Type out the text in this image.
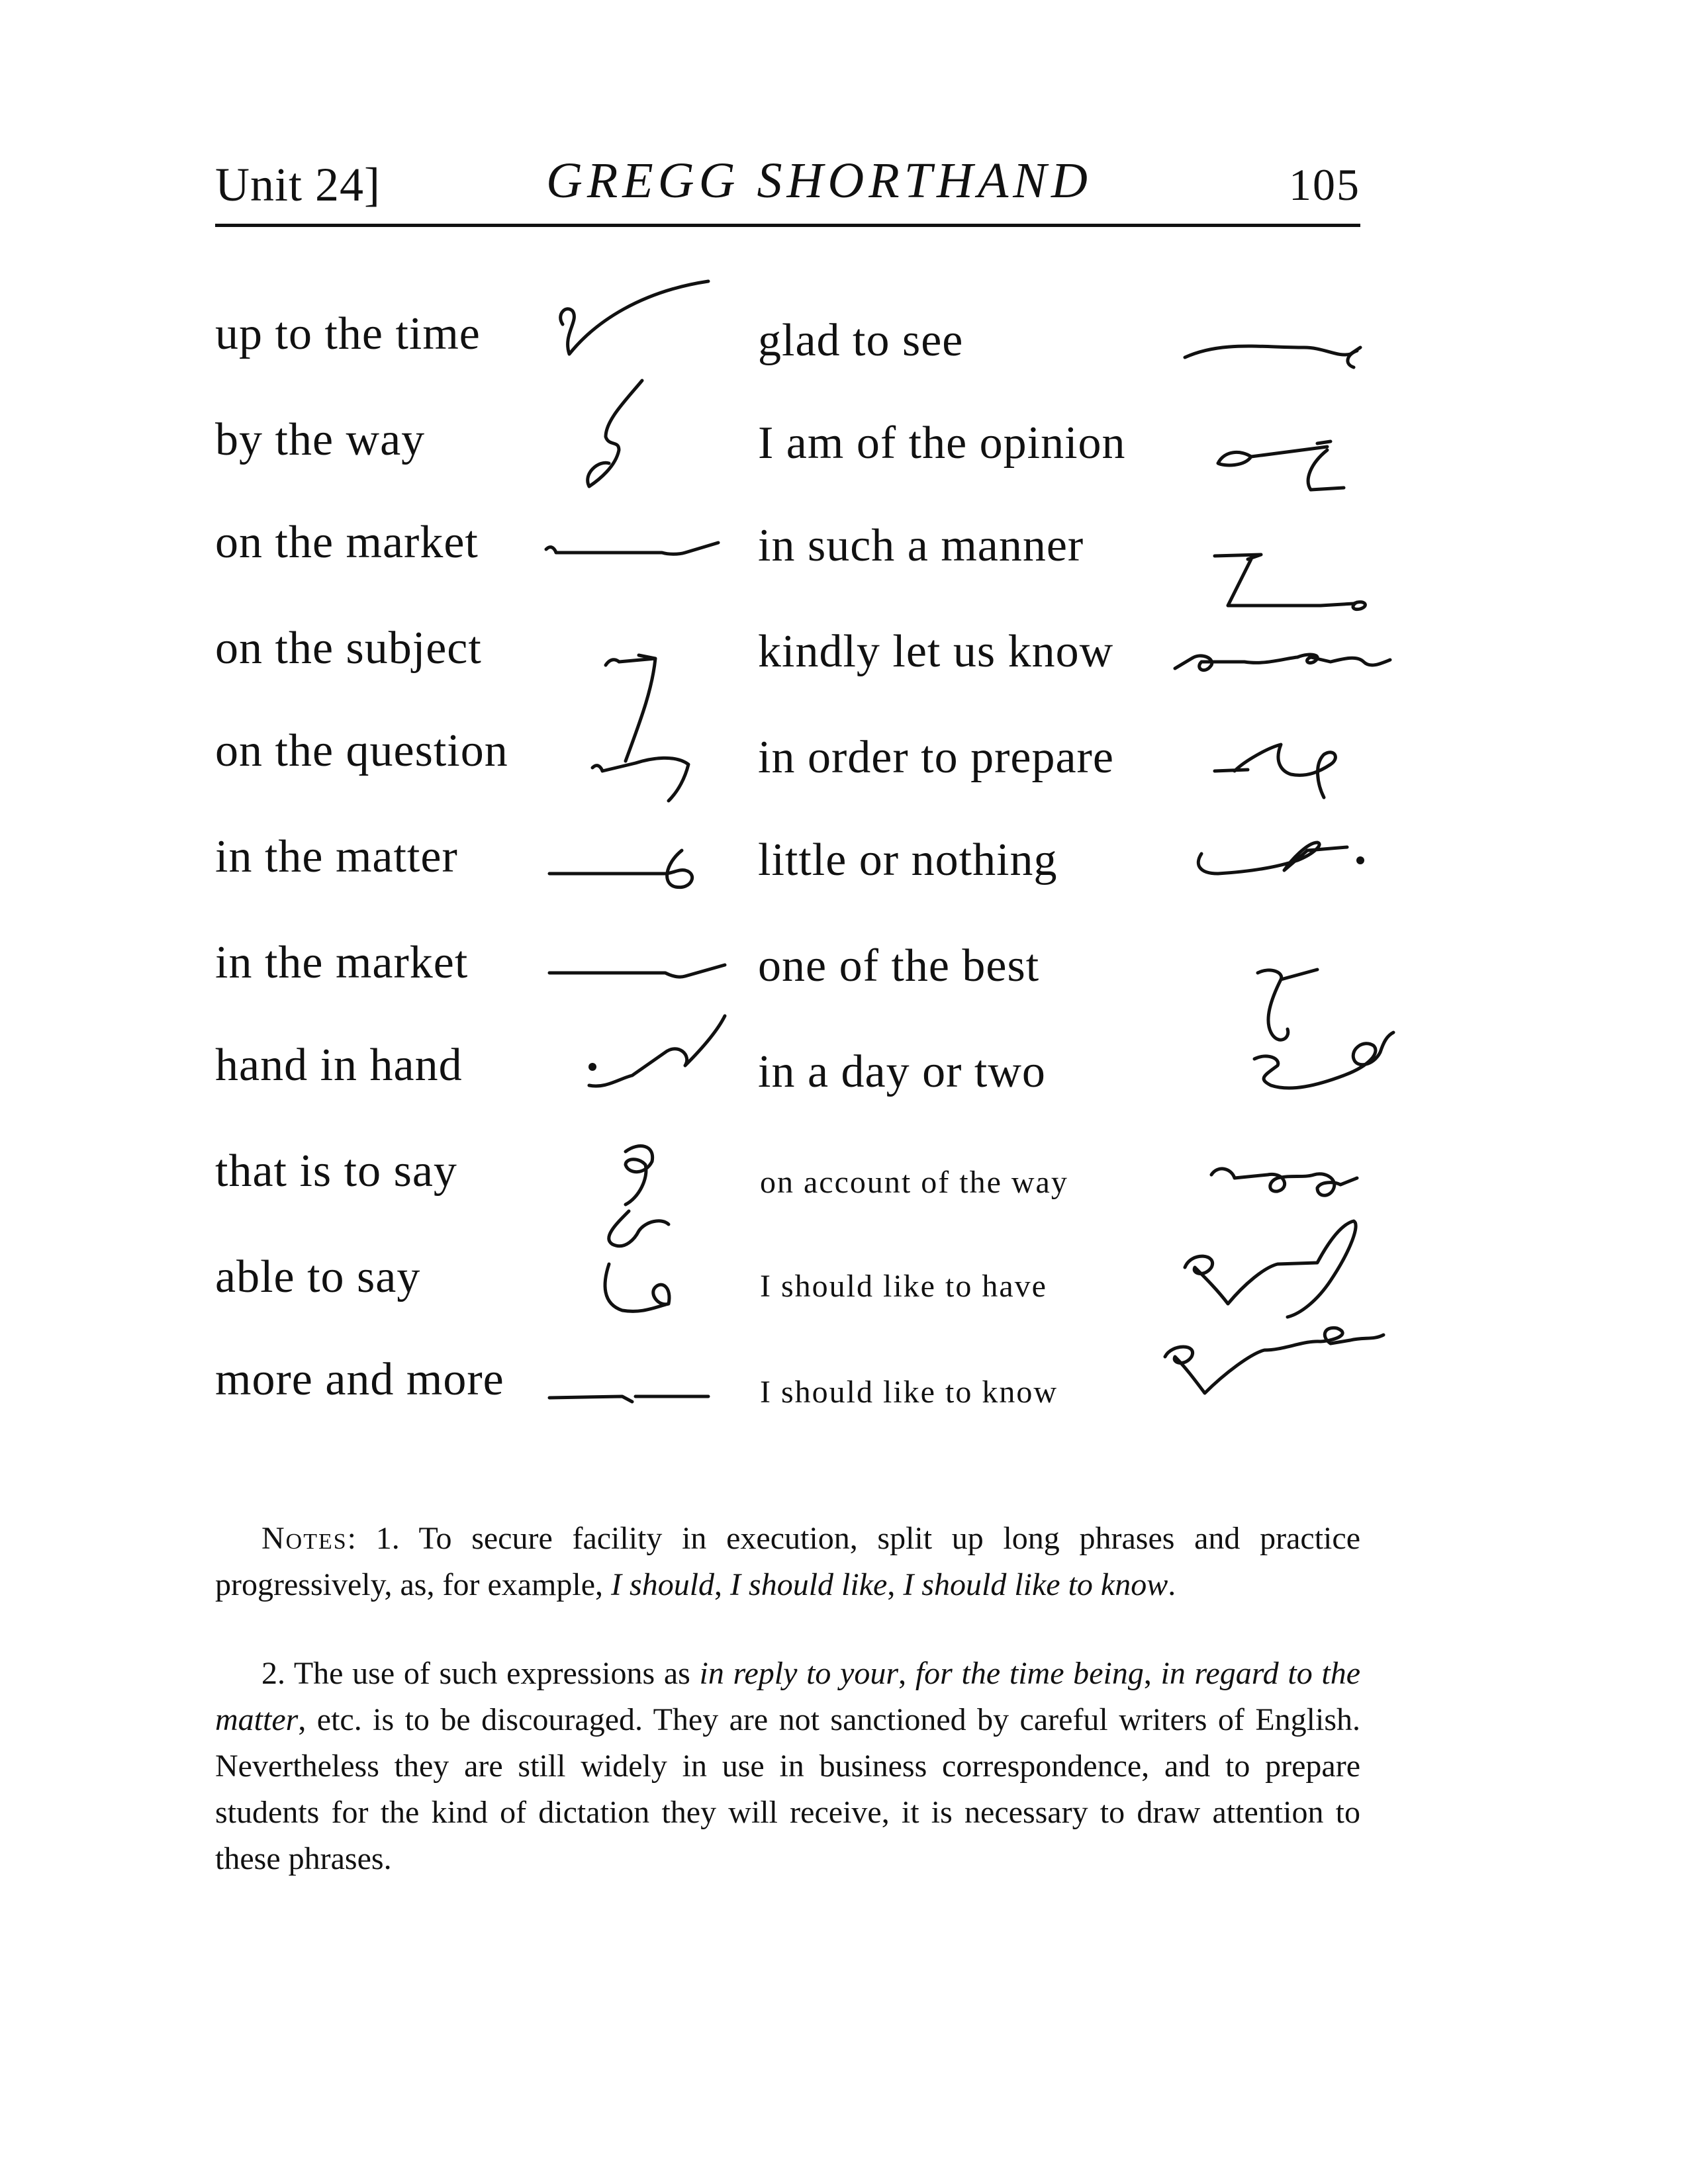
Unit 24]	GREGG SHORTHAND	105
up to the time
by the way
on the market
on the subject
on the question
in the matter
in the market
hand in hand
that is to say
able to say
more and more
glad to see
I am of the opinion
in such a manner
kindly let us know
in order to prepare
little or nothing
one of the best
in a day or two
on account of the way
I should like to have
I should like to know

Notes: 1. To secure facility in execution, split up long phrases and practice progressively, as, for example, I should, I should like, I should like to know.

2. The use of such expressions as in reply to your, for the time being, in regard to the matter, etc. is to be discouraged. They are not sanctioned by careful writers of English. Nevertheless they are still widely in use in business correspondence, and to prepare students for the kind of dictation they will receive, it is necessary to draw attention to these phrases.
